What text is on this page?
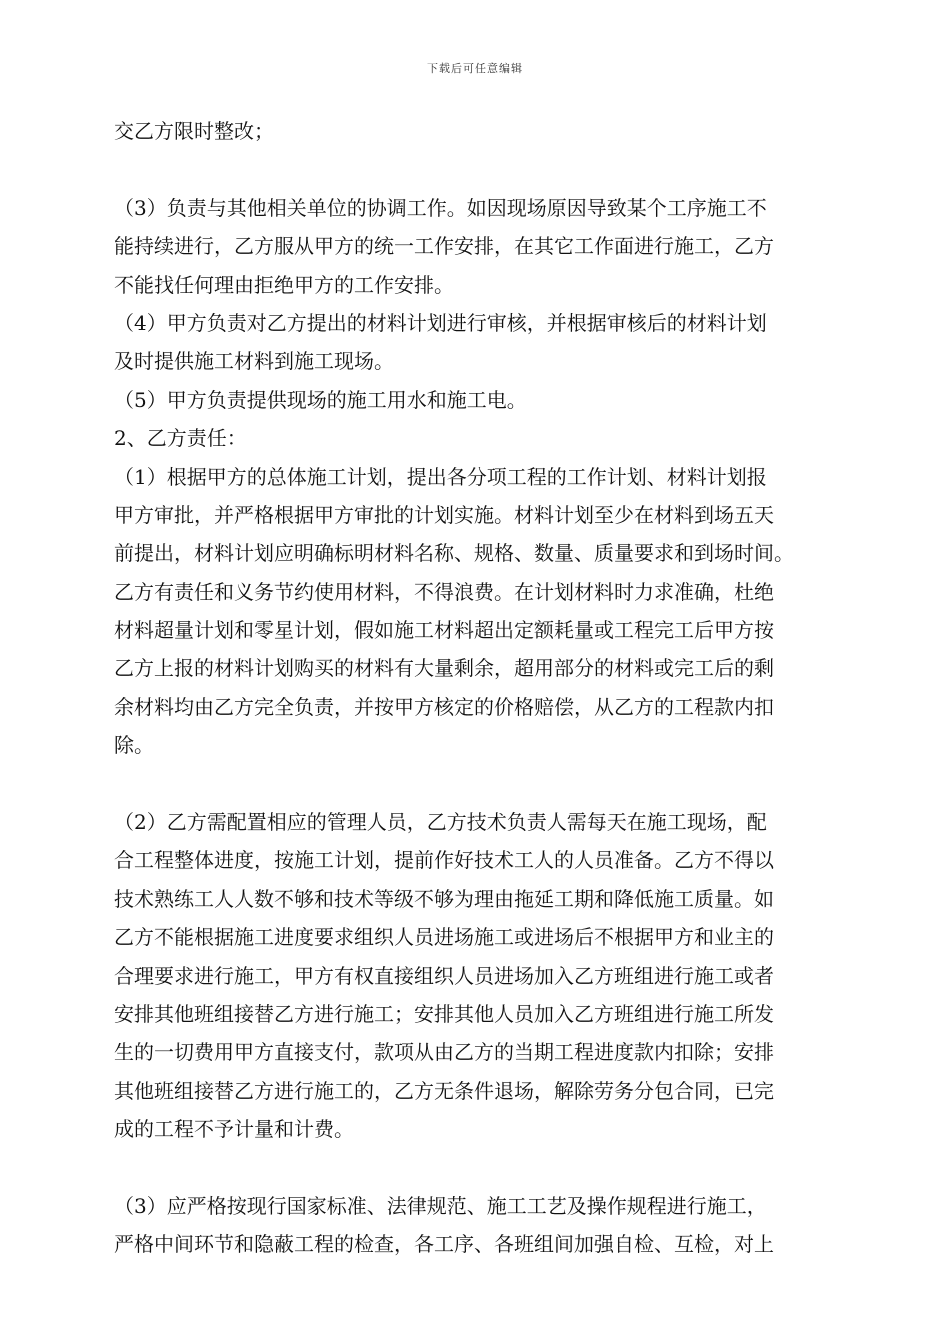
下载后可任意编辑
交乙方限时整改；
（3）负责与其他相关单位的协调工作。如因现场原因导致某个工序施工不
能持续进行，乙方服从甲方的统一工作安排，在其它工作面进行施工，乙方
不能找任何理由拒绝甲方的工作安排。
（4）甲方负责对乙方提出的材料计划进行审核，并根据审核后的材料计划
及时提供施工材料到施工现场。
（5）甲方负责提供现场的施工用水和施工电。
2、乙方责任：
（1）根据甲方的总体施工计划，提出各分项工程的工作计划、材料计划报
甲方审批，并严格根据甲方审批的计划实施。材料计划至少在材料到场五天
前提出，材料计划应明确标明材料名称、规格、数量、质量要求和到场时间。
乙方有责任和义务节约使用材料，不得浪费。在计划材料时力求准确，杜绝
材料超量计划和零星计划，假如施工材料超出定额耗量或工程完工后甲方按
乙方上报的材料计划购买的材料有大量剩余，超用部分的材料或完工后的剩
余材料均由乙方完全负责，并按甲方核定的价格赔偿，从乙方的工程款内扣
除。
（2）乙方需配置相应的管理人员，乙方技术负责人需每天在施工现场，配
合工程整体进度，按施工计划，提前作好技术工人的人员准备。乙方不得以
技术熟练工人人数不够和技术等级不够为理由拖延工期和降低施工质量。如
乙方不能根据施工进度要求组织人员进场施工或进场后不根据甲方和业主的
合理要求进行施工，甲方有权直接组织人员进场加入乙方班组进行施工或者
安排其他班组接替乙方进行施工；安排其他人员加入乙方班组进行施工所发
生的一切费用甲方直接支付，款项从由乙方的当期工程进度款内扣除；安排
其他班组接替乙方进行施工的，乙方无条件退场，解除劳务分包合同，已完
成的工程不予计量和计费。
（3）应严格按现行国家标准、法律规范、施工工艺及操作规程进行施工，
严格中间环节和隐蔽工程的检查，各工序、各班组间加强自检、互检，对上
